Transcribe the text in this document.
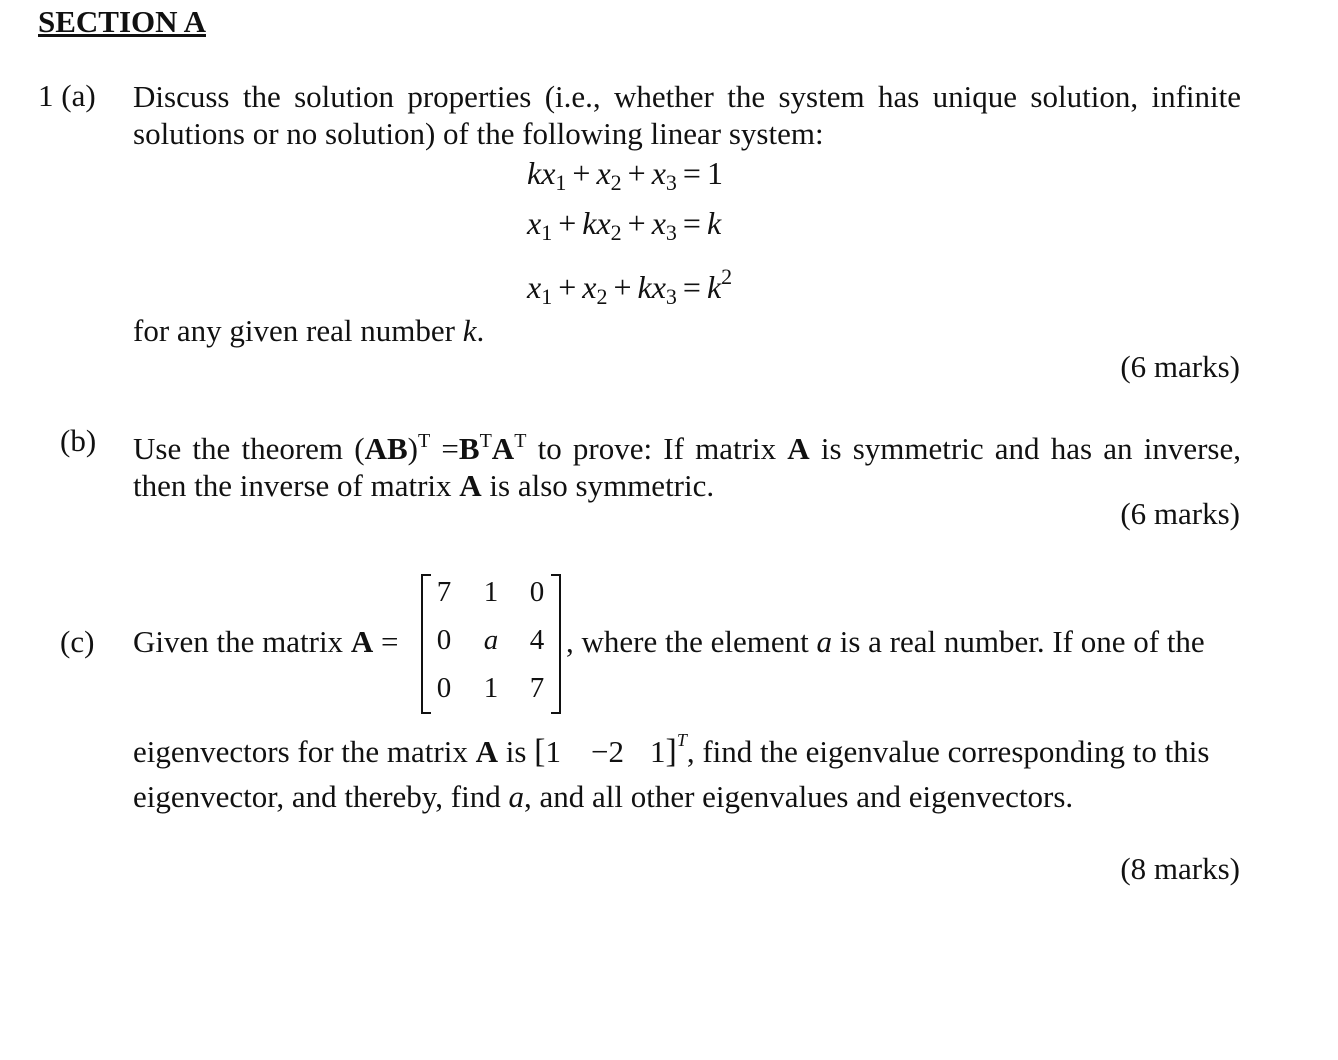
SECTION A
1 (a) Discuss the solution properties (i.e., whether the system has unique solution, infinite
solutions or no solution) of the following linear system:
$kx_1 + x_2 + x_3 = 1$
$x_1 + kx_2 + x_3 = k$
$x_1 + x_2 + kx_3 = k^2$
for any given real number k.
(6 marks)
(b) Use the theorem $(AB)^T =B^TA^T$ to prove: If matrix A is symmetric and has an inverse,
then the inverse of matrix A is also symmetric.
(6 marks)
(c) Given the matrix A =
7 1 0
0 a 4
0 1 7
, where the element a is a real number. If one of the
eigenvectors for the matrix A is [1 −2 1]$^T$, find the eigenvalue corresponding to this
eigenvector, and thereby, find a, and all other eigenvalues and eigenvectors.
(8 marks)
